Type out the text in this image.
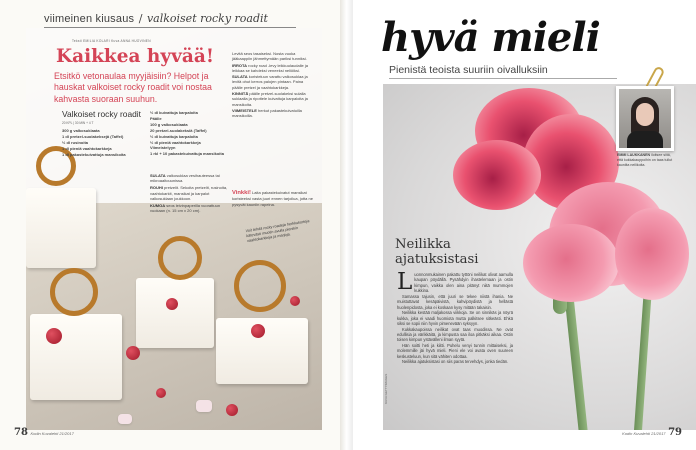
viimeinen kiusaus / valkoiset rocky roadit
Teksti EMILIA KOLARI Kuva ANNA HUOVINEN
Kaikkea hyvää!
Etsitkö vetonaulaa myyjäisiin? Helpot ja hauskat valkoiset rocky roadit voi nostaa kahvasta suoraan suuhun.
Valkoiset rocky roadit
20 KPL | 30 MIN + 4 T
300 g valkosuklaata
1 dl pretzel-suolakeksejä (Taffel)
½ dl rusinoita
1 dl pieniä vaahtokarkkeja
1 dl pakastekuivattuja mansikoita
½ dl kuivattuja karpaloita
Päälle
100 g valkosuklaata
20 pretzel-suolakeksiä (Taffel)
½ dl kuivattuja karpaloita
½ dl pieniä vaahtokarkkeja
Viimeistelyyn
1 rkl + 10 pakastekuivattuja mansikoita

SULATA valkosuklaa vesihauteessa tai mikroaaltouunissa.

ROUHI pretzelit. Sekoita pretzelit, rusinoita, vaahtokarkit, mansikat ja karpalot valkosuklaan joukkoon.

KUMOA seos leivinpaperilla vuorattuun vuokaan (n. 15 cm x 20 cm).

Levitä seos tasaiseksi. Nosta vuoka jääkaappiin jähmettymään pariksi tunniksi.

IRROTA rocky road -levy leikkuulaudalle ja leikkaa se kahdeksi veneeksi neliöiksi.

SULATA koristeluun varattu valkosuklaa ja levitä ohut kerros palojen pintaan. Paina päälle pretzel ja vaahtokarkkeja.

KINNITÄ päälle pretzel-suolakeksi sulalla suklaalla ja ripottele kuivattuja karpaloita ja mansikoita.

VIIMEISTELE herkut pakastekuivatuilla mansikoilla.

Vinkki! Laita pakastekuivatut mansikat koristeeksi vasta juuri ennen tarjoilua, jotta ne pysyvät kauniin rapeina.
Voit tehdä rocky roadeja herkkukorteja kätevästi muotin avulla pienikin vaahtokarkkeja ja marjoja.
78 Kodin Kuvalehti 21/2017
hyvä mieli
Pienistä teoista suuriin oivalluksiin
EMMI LAUKKANEN iloitsee siitä, että kukkakauppoihin on taas tullut kauniita neilikoita.
Neilikka
ajatuksistasi
L uonnonmukainen pakattu tyttöni neilikat olivat aamulla kaupan pöydällä. Pysähdyin ihastelemaan ja ostin kimpun, vaikka olen aina pitänyt niitä mummojen kukkina.

Samassa tajusin, että juuri se tekee niistä ihania. Ne muistuttavat kesäpäivistä, kahvipöydistä ja hellästä huolenpidosta, joka ei koskaan kysy mitään takaisin.

Neilikka kestää maljakossa viikkoja. Se on sinnikäs ja nöyrä kukka, joka ei vaadi huomiota mutta palkitsee sitkeästi. Ehkä siksi se sopii niin hyvin pimenevään syksyyn.

Kukkakaupoissa neilikat ovat taas muodissa. Ne ovat edullisia ja värikkäitä, ja kimpusta saa iloa pitkäksi aikaa. Ostin toisen kimpun ystävälleni ilman syytä.

Hän soitti heti ja kiitti. Puhelu venyi tunnin mittaiseksi, ja molemmille jäi hyvä mieli. Pieni ele voi avata oven suureen keskusteluun, kun sitä vähiten odottaa.

Neilikka ajatuksistasi on siis paras tervehdys, jonka tiedän.

KUVA GETTYIMAGES
Kodin Kuvalehti 21/2017 79
